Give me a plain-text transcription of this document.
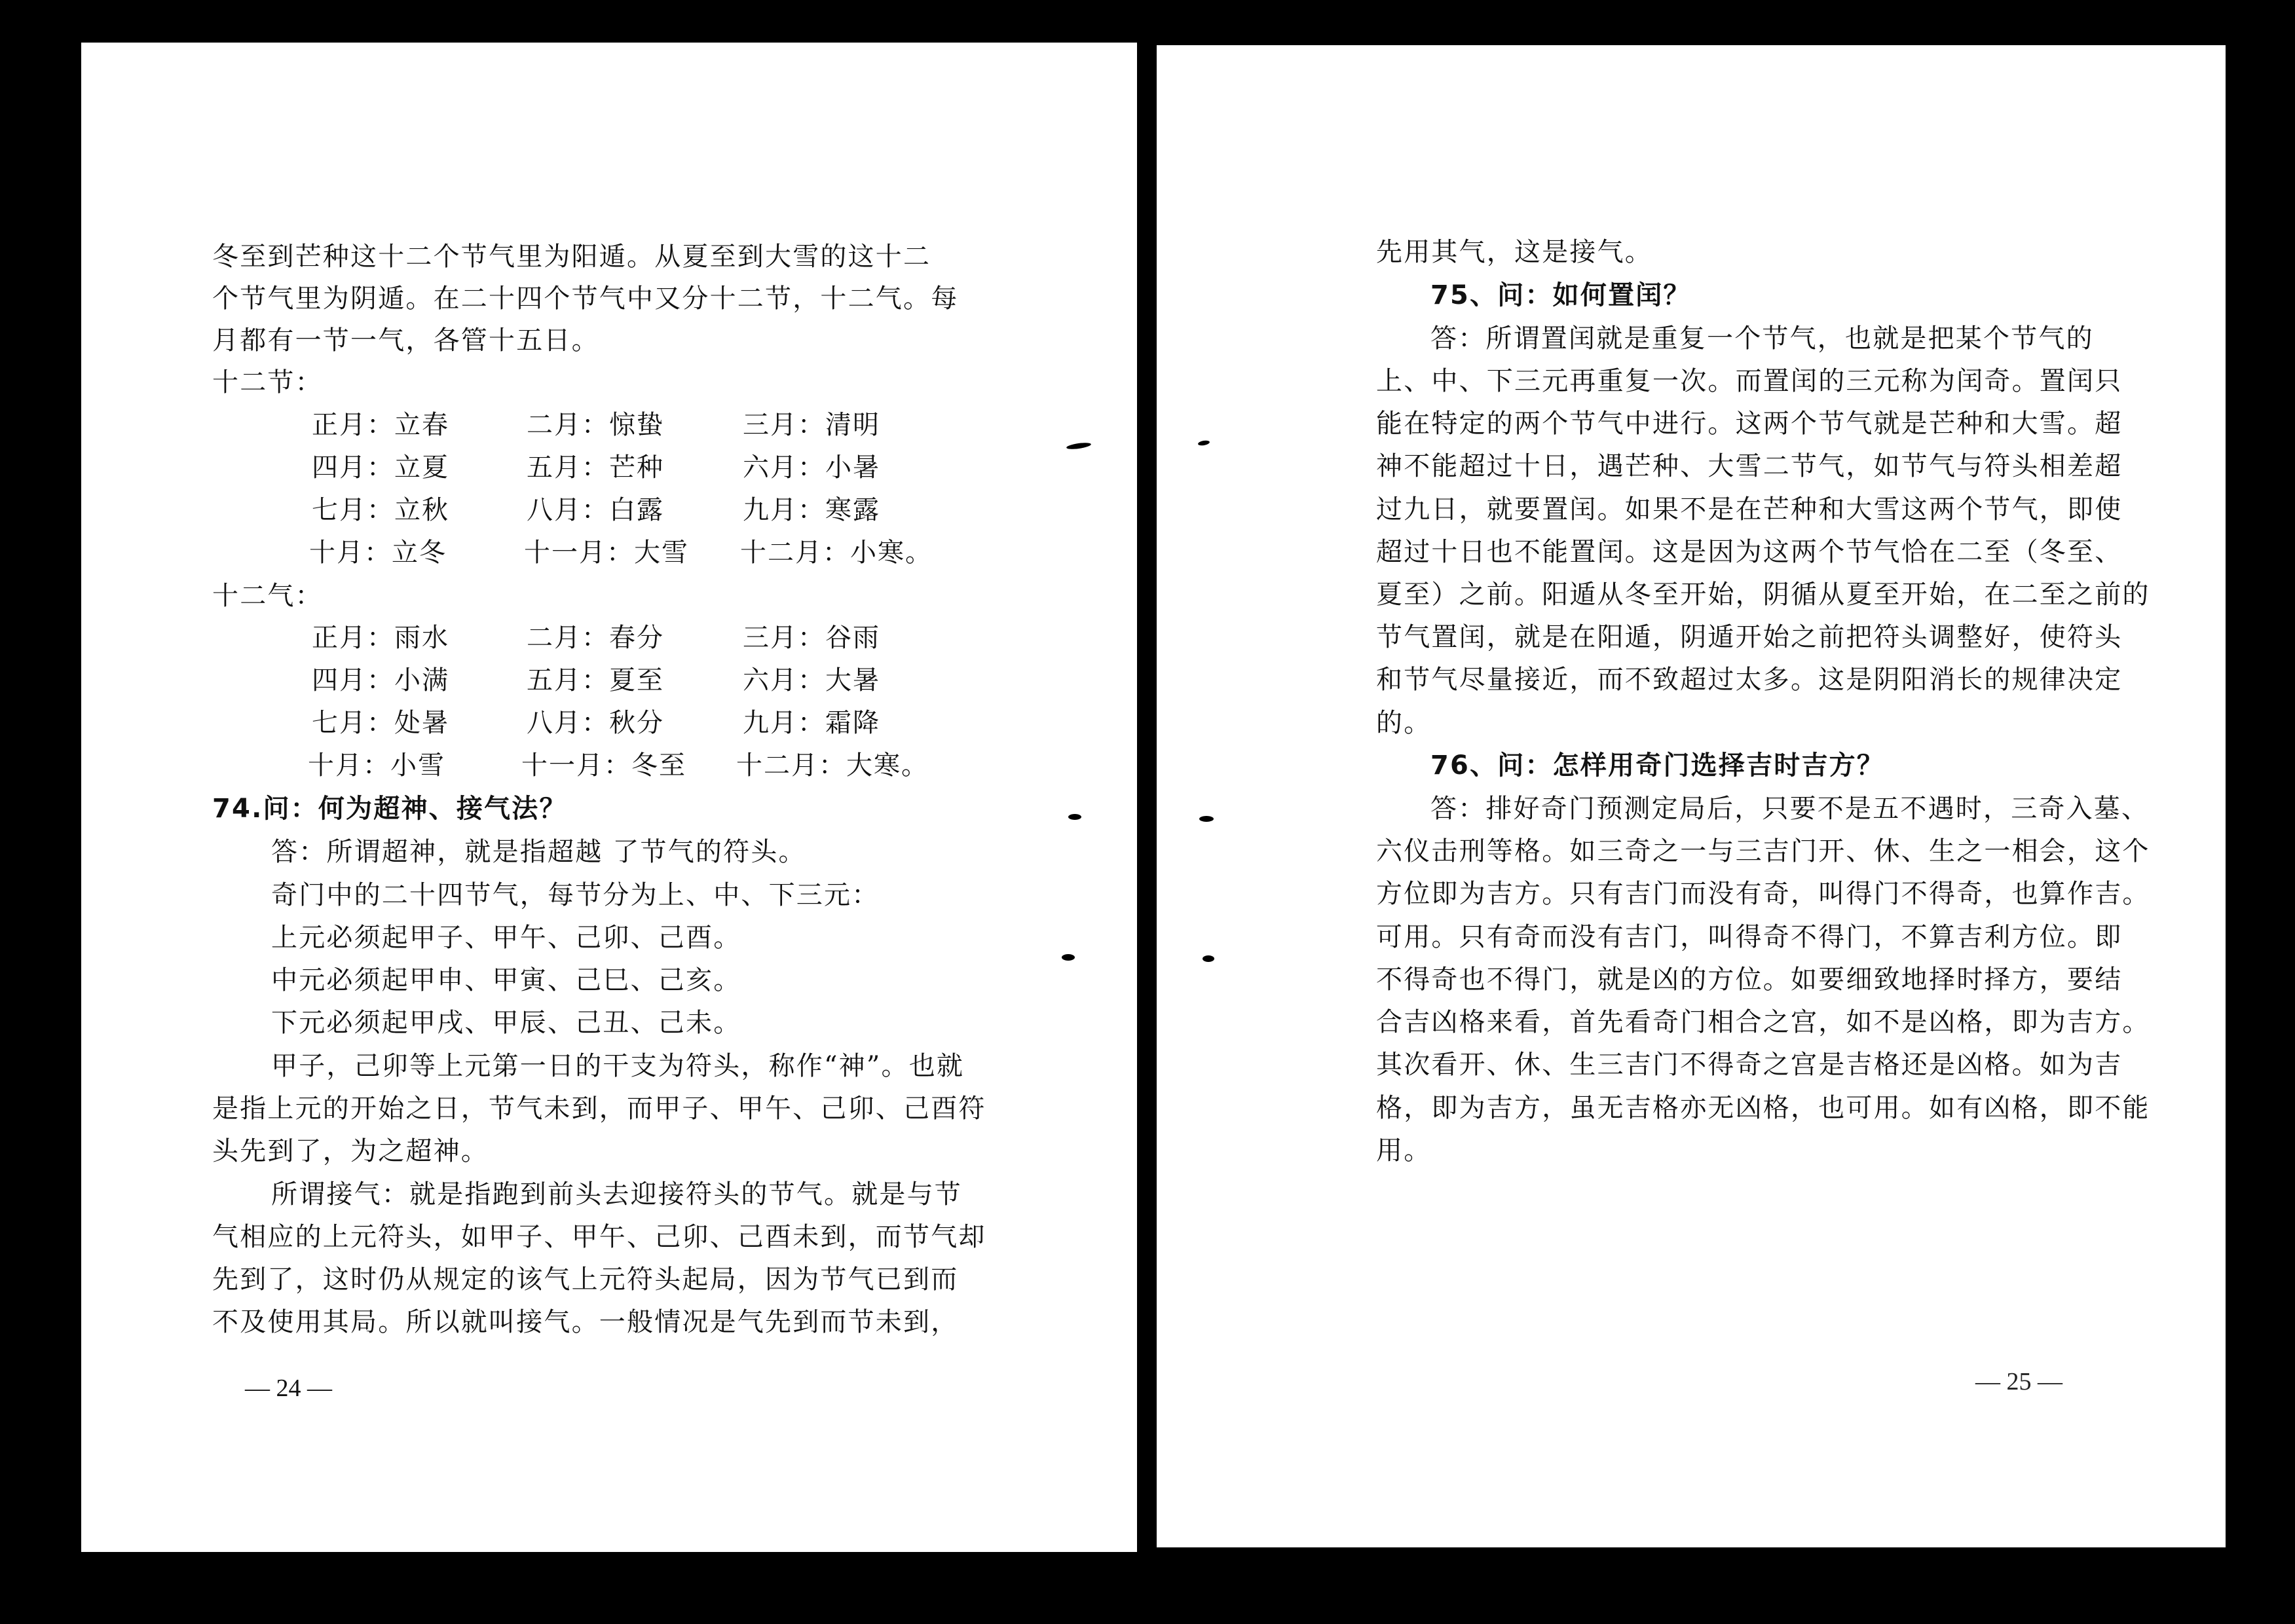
冬至到芒种这十二个节气里为阳遁。从夏至到大雪的这十二
个节气里为阴遁。在二十四个节气中又分十二节，十二气。每
月都有一节一气，各管十五日。
十二节：
正月：立春	二月：惊蛰	三月：清明
四月：立夏	五月：芒种	六月：小暑
七月：立秋	八月：白露	九月：寒露
十月：立冬	十一月：大雪 十二月：小寒。
十二气：
正月：雨水	二月：春分	三月：谷雨
四月：小满	五月：夏至	六月：大暑
七月：处暑	八月：秋分	九月：霜降
十月：小雪	十一月：冬至 十二月：大寒。
74.问：何为超神、接气法？
答：所谓超神，就是指超越 了节气的符头。
奇门中的二十四节气，每节分为上、中、下三元：
上元必须起甲子、甲午、己卯、己酉。
中元必须起甲申、甲寅、己巳、己亥。
下元必须起甲戌、甲辰、己丑、己未。
甲子，己卯等上元第一日的干支为符头，称作“神”。也就
是指上元的开始之日，节气未到，而甲子、甲午、己卯、己酉符
头先到了，为之超神。
所谓接气：就是指跑到前头去迎接符头的节气。就是与节
气相应的上元符头，如甲子、甲午、己卯、己酉未到，而节气却
先到了，这时仍从规定的该气上元符头起局，因为节气已到而
不及使用其局。所以就叫接气。一般情况是气先到而节未到，
— 24 —
先用其气，这是接气。
75、问：如何置闰？
答：所谓置闰就是重复一个节气，也就是把某个节气的
上、中、下三元再重复一次。而置闰的三元称为闰奇。置闰只
能在特定的两个节气中进行。这两个节气就是芒种和大雪。超
神不能超过十日，遇芒种、大雪二节气，如节气与符头相差超
过九日，就要置闰。如果不是在芒种和大雪这两个节气，即使
超过十日也不能置闰。这是因为这两个节气恰在二至（冬至、
夏至）之前。阳遁从冬至开始，阴循从夏至开始，在二至之前的
节气置闰，就是在阳遁，阴遁开始之前把符头调整好，使符头
和节气尽量接近，而不致超过太多。这是阴阳消长的规律决定
的。
76、问：怎样用奇门选择吉时吉方？
答：排好奇门预测定局后，只要不是五不遇时，三奇入墓、
六仪击刑等格。如三奇之一与三吉门开、休、生之一相会，这个
方位即为吉方。只有吉门而没有奇，叫得门不得奇，也算作吉。
可用。只有奇而没有吉门，叫得奇不得门，不算吉利方位。即
不得奇也不得门，就是凶的方位。如要细致地择时择方，要结
合吉凶格来看，首先看奇门相合之宫，如不是凶格，即为吉方。
其次看开、休、生三吉门不得奇之宫是吉格还是凶格。如为吉
格，即为吉方，虽无吉格亦无凶格，也可用。如有凶格，即不能
用。
— 25 —
